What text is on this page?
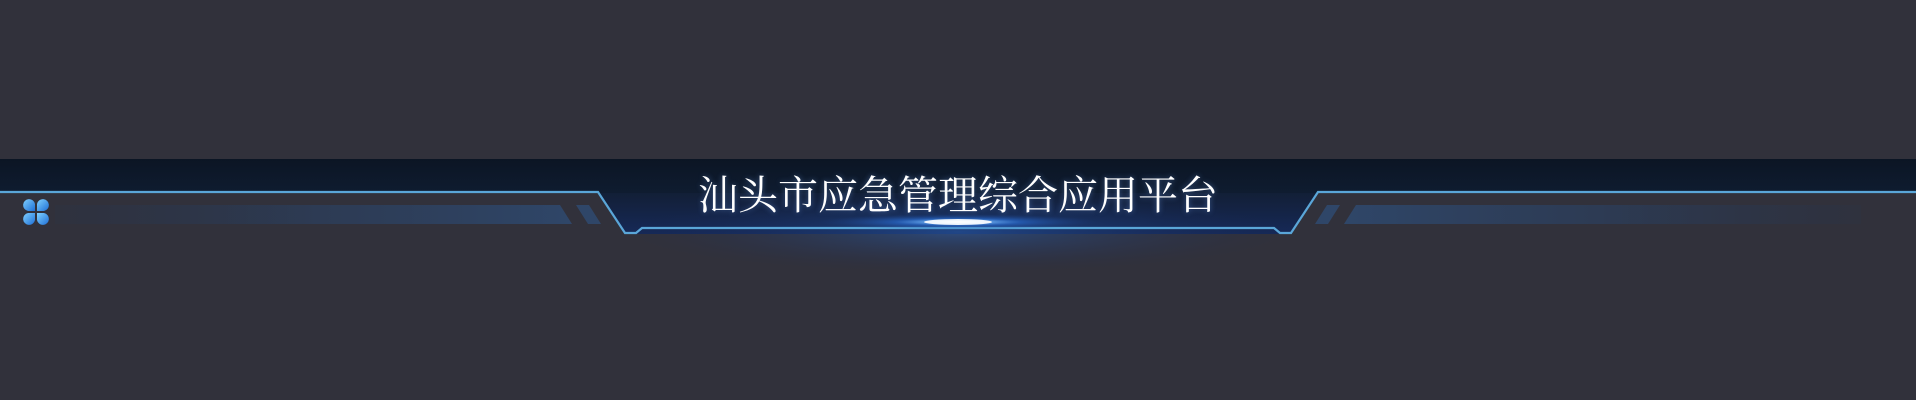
汕头市应急管理综合应用平台
